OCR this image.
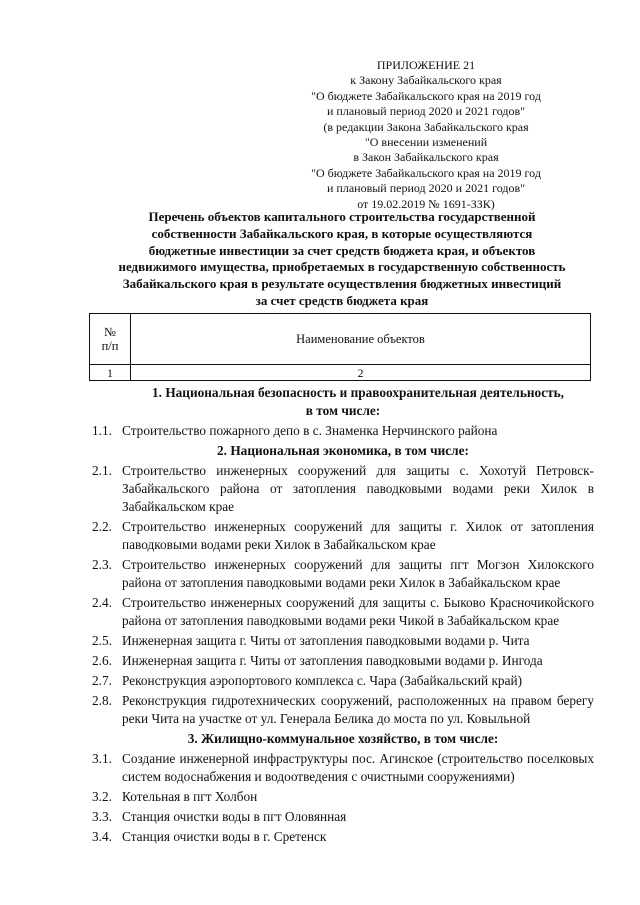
ПРИЛОЖЕНИЕ 21
к Закону Забайкальского края
"О бюджете Забайкальского края на 2019 год
и плановый период 2020 и 2021 годов"
(в редакции Закона Забайкальского края
"О внесении изменений
в Закон Забайкальского края
"О бюджете Забайкальского края на 2019 год
и плановый период 2020 и 2021 годов"
от 19.02.2019 № 1691-ЗЗК)
Перечень объектов капитального строительства государственной
собственности Забайкальского края, в которые осуществляются
бюджетные инвестиции за счет средств бюджета края, и объектов
недвижимого имущества, приобретаемых в государственную собственность
Забайкальского края в результате осуществления бюджетных инвестиций
за счет средств бюджета края
№
п/п	Наименование объектов
1	2
1. Национальная безопасность и правоохранительная деятельность,
в том числе:
1.1. Строительство пожарного депо в с. Знаменка Нерчинского района
2. Национальная экономика, в том числе:
2.1. Строительство инженерных сооружений для защиты с. Хохотуй Петровск-Забайкальского района от затопления паводковыми водами реки Хилок в Забайкальском крае
2.2. Строительство инженерных сооружений для защиты г. Хилок от затопления паводковыми водами реки Хилок в Забайкальском крае
2.3. Строительство инженерных сооружений для защиты пгт Могзон Хилокского района от затопления паводковыми водами реки Хилок в Забайкальском крае
2.4. Строительство инженерных сооружений для защиты с. Быково Красночикойского района от затопления паводковыми водами реки Чикой в Забайкальском крае
2.5. Инженерная защита г. Читы от затопления паводковыми водами р. Чита
2.6. Инженерная защита г. Читы от затопления паводковыми водами р. Ингода
2.7. Реконструкция аэропортового комплекса с. Чара (Забайкальский край)
2.8. Реконструкция гидротехнических сооружений, расположенных на правом берегу реки Чита на участке от ул. Генерала Белика до моста по ул. Ковыльной
3. Жилищно-коммунальное хозяйство, в том числе:
3.1. Создание инженерной инфраструктуры пос. Агинское (строительство поселковых систем водоснабжения и водоотведения с очистными сооружениями)
3.2. Котельная в пгт Холбон
3.3. Станция очистки воды в пгт Оловянная
3.4. Станция очистки воды в г. Сретенск
